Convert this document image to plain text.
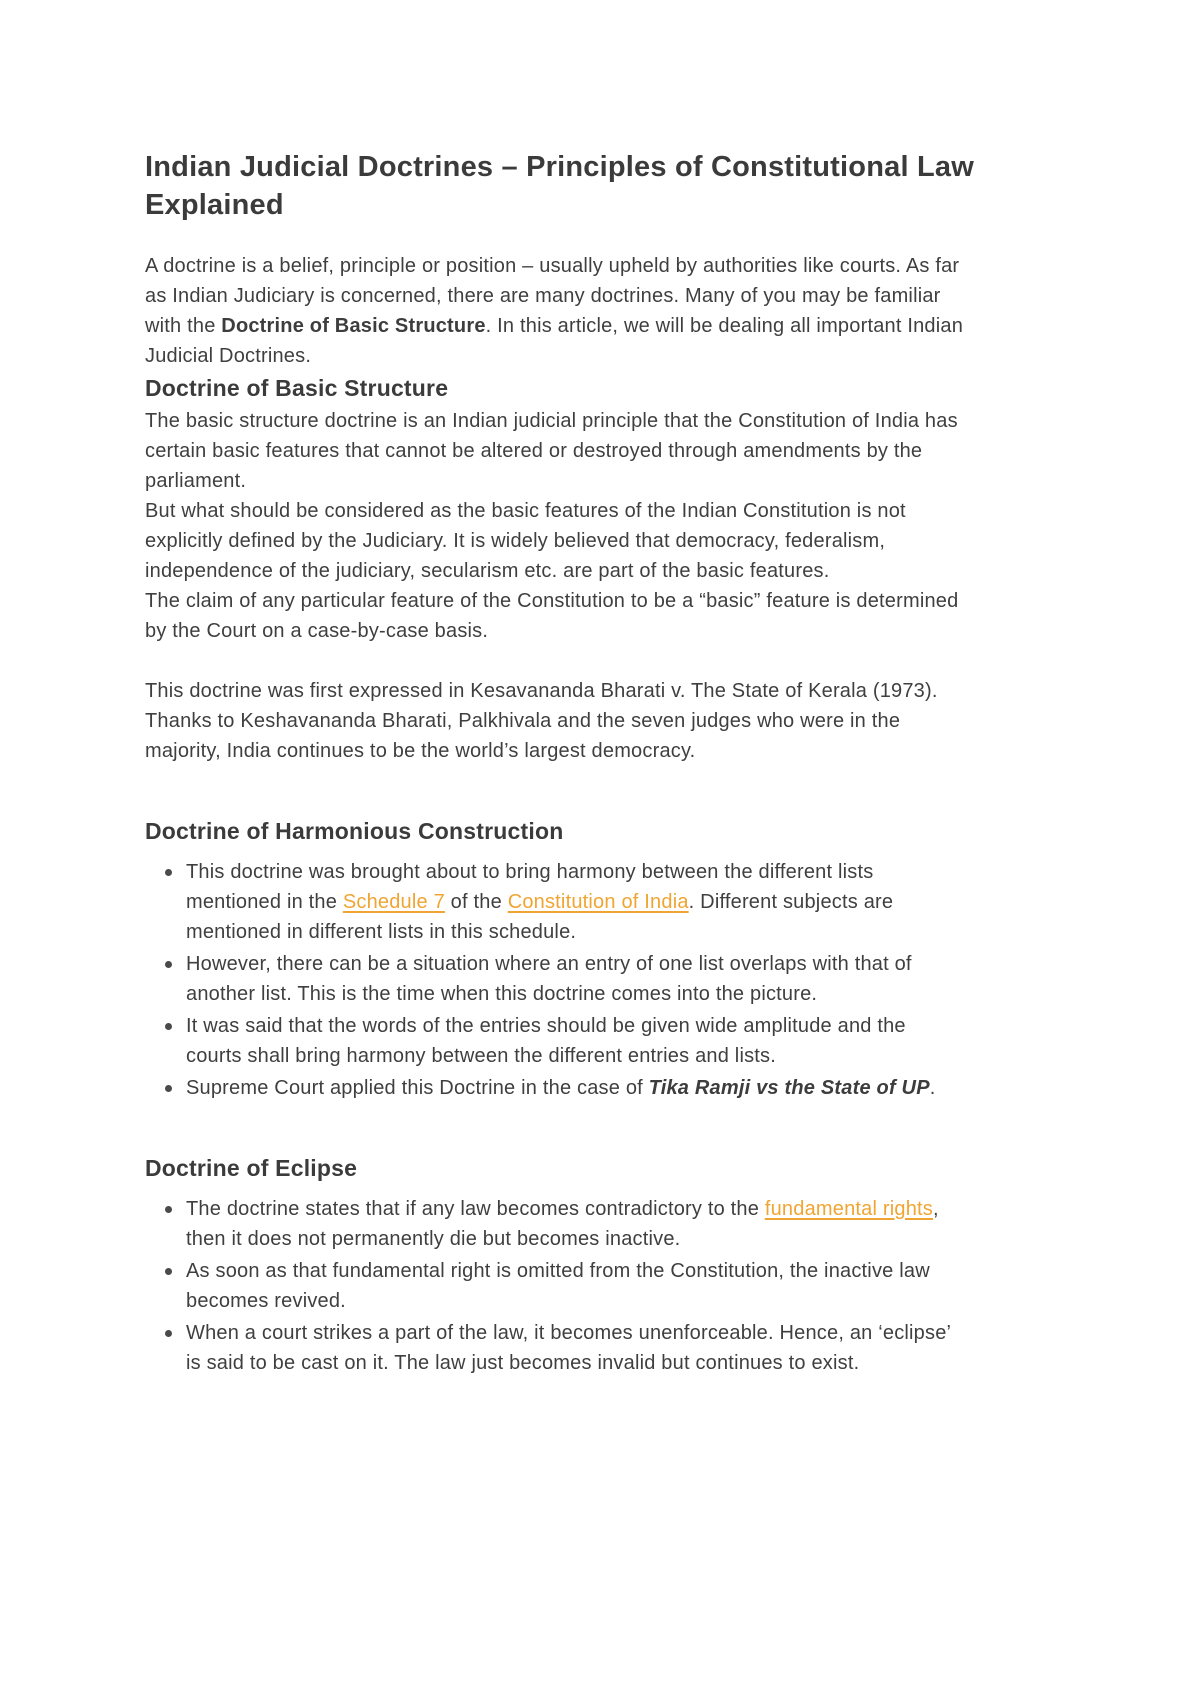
Indian Judicial Doctrines – Principles of Constitutional Law Explained

A doctrine is a belief, principle or position – usually upheld by authorities like courts. As far as Indian Judiciary is concerned, there are many doctrines. Many of you may be familiar with the Doctrine of Basic Structure. In this article, we will be dealing all important Indian Judicial Doctrines.

Doctrine of Basic Structure

The basic structure doctrine is an Indian judicial principle that the Constitution of India has certain basic features that cannot be altered or destroyed through amendments by the parliament.

But what should be considered as the basic features of the Indian Constitution is not explicitly defined by the Judiciary. It is widely believed that democracy, federalism, independence of the judiciary, secularism etc. are part of the basic features.

The claim of any particular feature of the Constitution to be a “basic” feature is determined by the Court on a case-by-case basis.

This doctrine was first expressed in Kesavananda Bharati v. The State of Kerala (1973). Thanks to Keshavananda Bharati, Palkhivala and the seven judges who were in the majority, India continues to be the world’s largest democracy.

Doctrine of Harmonious Construction
This doctrine was brought about to bring harmony between the different lists mentioned in the Schedule 7 of the Constitution of India. Different subjects are mentioned in different lists in this schedule.
However, there can be a situation where an entry of one list overlaps with that of another list. This is the time when this doctrine comes into the picture.
It was said that the words of the entries should be given wide amplitude and the courts shall bring harmony between the different entries and lists.
Supreme Court applied this Doctrine in the case of Tika Ramji vs the State of UP.
Doctrine of Eclipse
The doctrine states that if any law becomes contradictory to the fundamental rights, then it does not permanently die but becomes inactive.
As soon as that fundamental right is omitted from the Constitution, the inactive law becomes revived.
When a court strikes a part of the law, it becomes unenforceable. Hence, an ‘eclipse’ is said to be cast on it. The law just becomes invalid but continues to exist.
